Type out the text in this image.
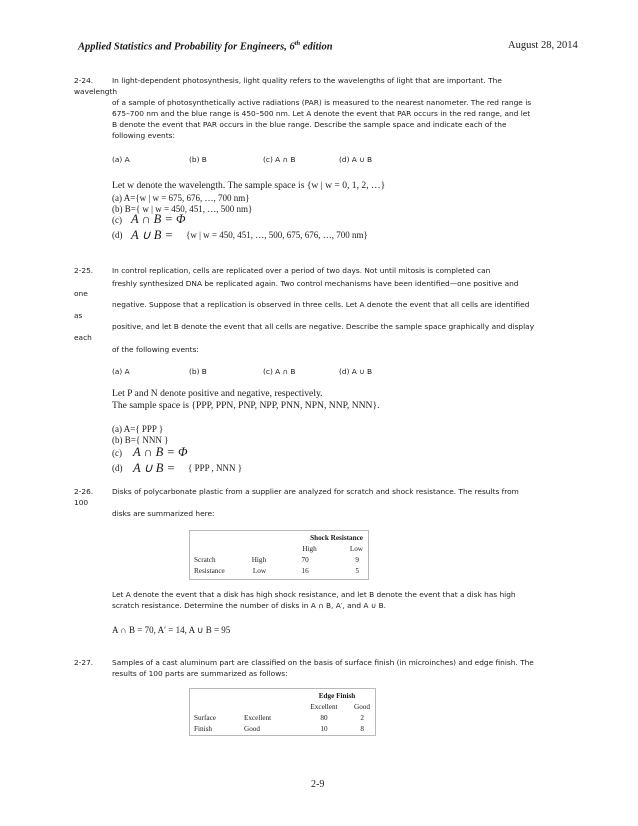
Applied Statistics and Probability for Engineers, 6th edition	August 28, 2014
2-24.	In light-dependent photosynthesis, light quality refers to the wavelengths of light that are important. The
wavelength
of a sample of photosynthetically active radiations (PAR) is measured to the nearest nanometer. The red range is
675–700 nm and the blue range is 450–500 nm. Let A denote the event that PAR occurs in the red range, and let
B denote the event that PAR occurs in the blue range. Describe the sample space and indicate each of the
following events:
(a) A	(b) B	(c) A ∩ B	(d) A ∪ B
Let w denote the wavelength. The sample space is {w | w = 0, 1, 2, …}
(a) A={w | w = 675, 676, …, 700 nm}
(b) B={ w | w = 450, 451, …, 500 nm}
(c) A ∩ B = Φ
(d) A ∪ B = {w | w = 450, 451, …, 500, 675, 676, …, 700 nm}
2-25.	In control replication, cells are replicated over a period of two days. Not until mitosis is completed can
freshly synthesized DNA be replicated again. Two control mechanisms have been identified—one positive and
one
negative. Suppose that a replication is observed in three cells. Let A denote the event that all cells are identified
as
positive, and let B denote the event that all cells are negative. Describe the sample space graphically and display
each
of the following events:
(a) A	(b) B	(c) A ∩ B	(d) A ∪ B
Let P and N denote positive and negative, respectively.
The sample space is {PPP, PPN, PNP, NPP, PNN, NPN, NNP, NNN}.
(a) A={ PPP }
(b) B={ NNN }
(c) A ∩ B = Φ
(d) A ∪ B = { PPP , NNN }
2-26.	Disks of polycarbonate plastic from a supplier are analyzed for scratch and shock resistance. The results from
100
disks are summarized here:
		Shock Resistance	
		High	Low
Scratch	High	70	9
Resistance	Low	16	5
Let A denote the event that a disk has high shock resistance, and let B denote the event that a disk has high
scratch resistance. Determine the number of disks in A ∩ B, A′, and A ∪ B.
A ∩ B = 70, A′ = 14, A ∪ B = 95
2-27.	Samples of a cast aluminum part are classified on the basis of surface finish (in microinches) and edge finish. The
results of 100 parts are summarized as follows:
		Edge Finish	
		Excellent	Good
Surface	Excellent	80	2
Finish	Good	10	8
2-9
